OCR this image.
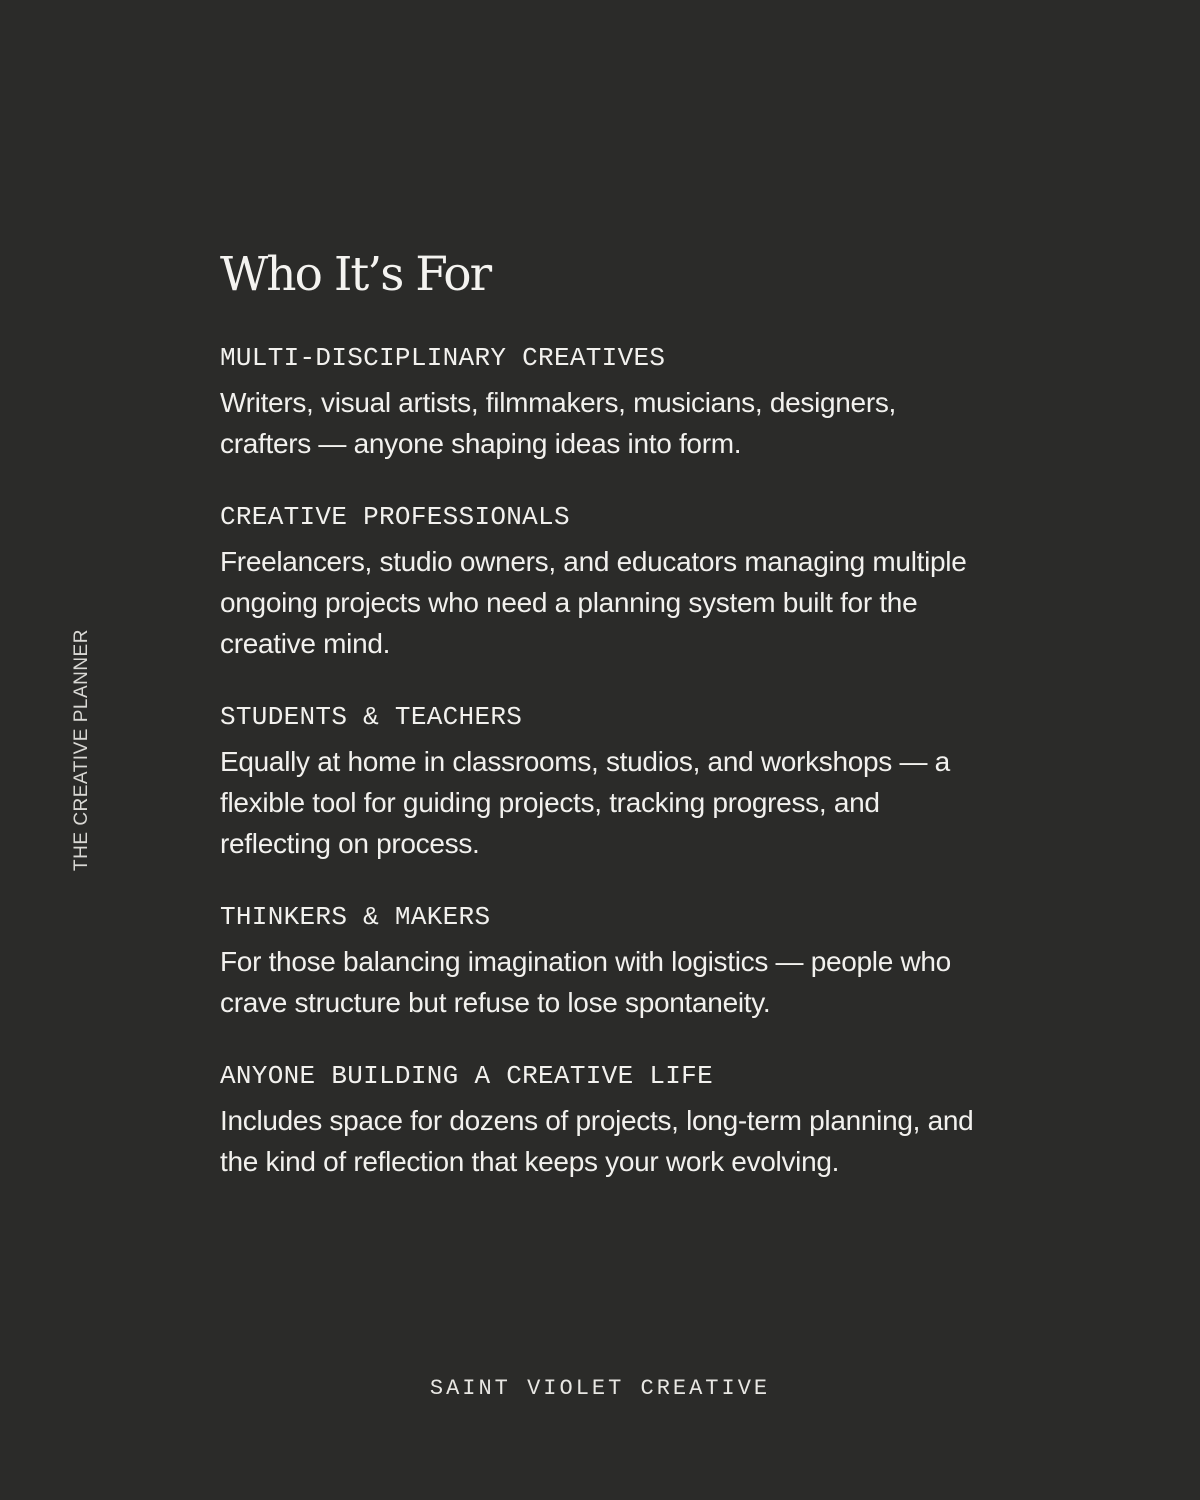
THE CREATIVE PLANNER
Who It’s For
MULTI-DISCIPLINARY CREATIVES

Writers, visual artists, filmmakers, musicians, designers, crafters — anyone shaping ideas into form.

CREATIVE PROFESSIONALS

Freelancers, studio owners, and educators managing multiple ongoing projects who need a planning system built for the creative mind.

STUDENTS & TEACHERS

Equally at home in classrooms, studios, and workshops — a flexible tool for guiding projects, tracking progress, and reflecting on process.

THINKERS & MAKERS

For those balancing imagination with logistics — people who crave structure but refuse to lose spontaneity.

ANYONE BUILDING A CREATIVE LIFE

Includes space for dozens of projects, long-term planning, and the kind of reflection that keeps your work evolving.

SAINT VIOLET CREATIVE
